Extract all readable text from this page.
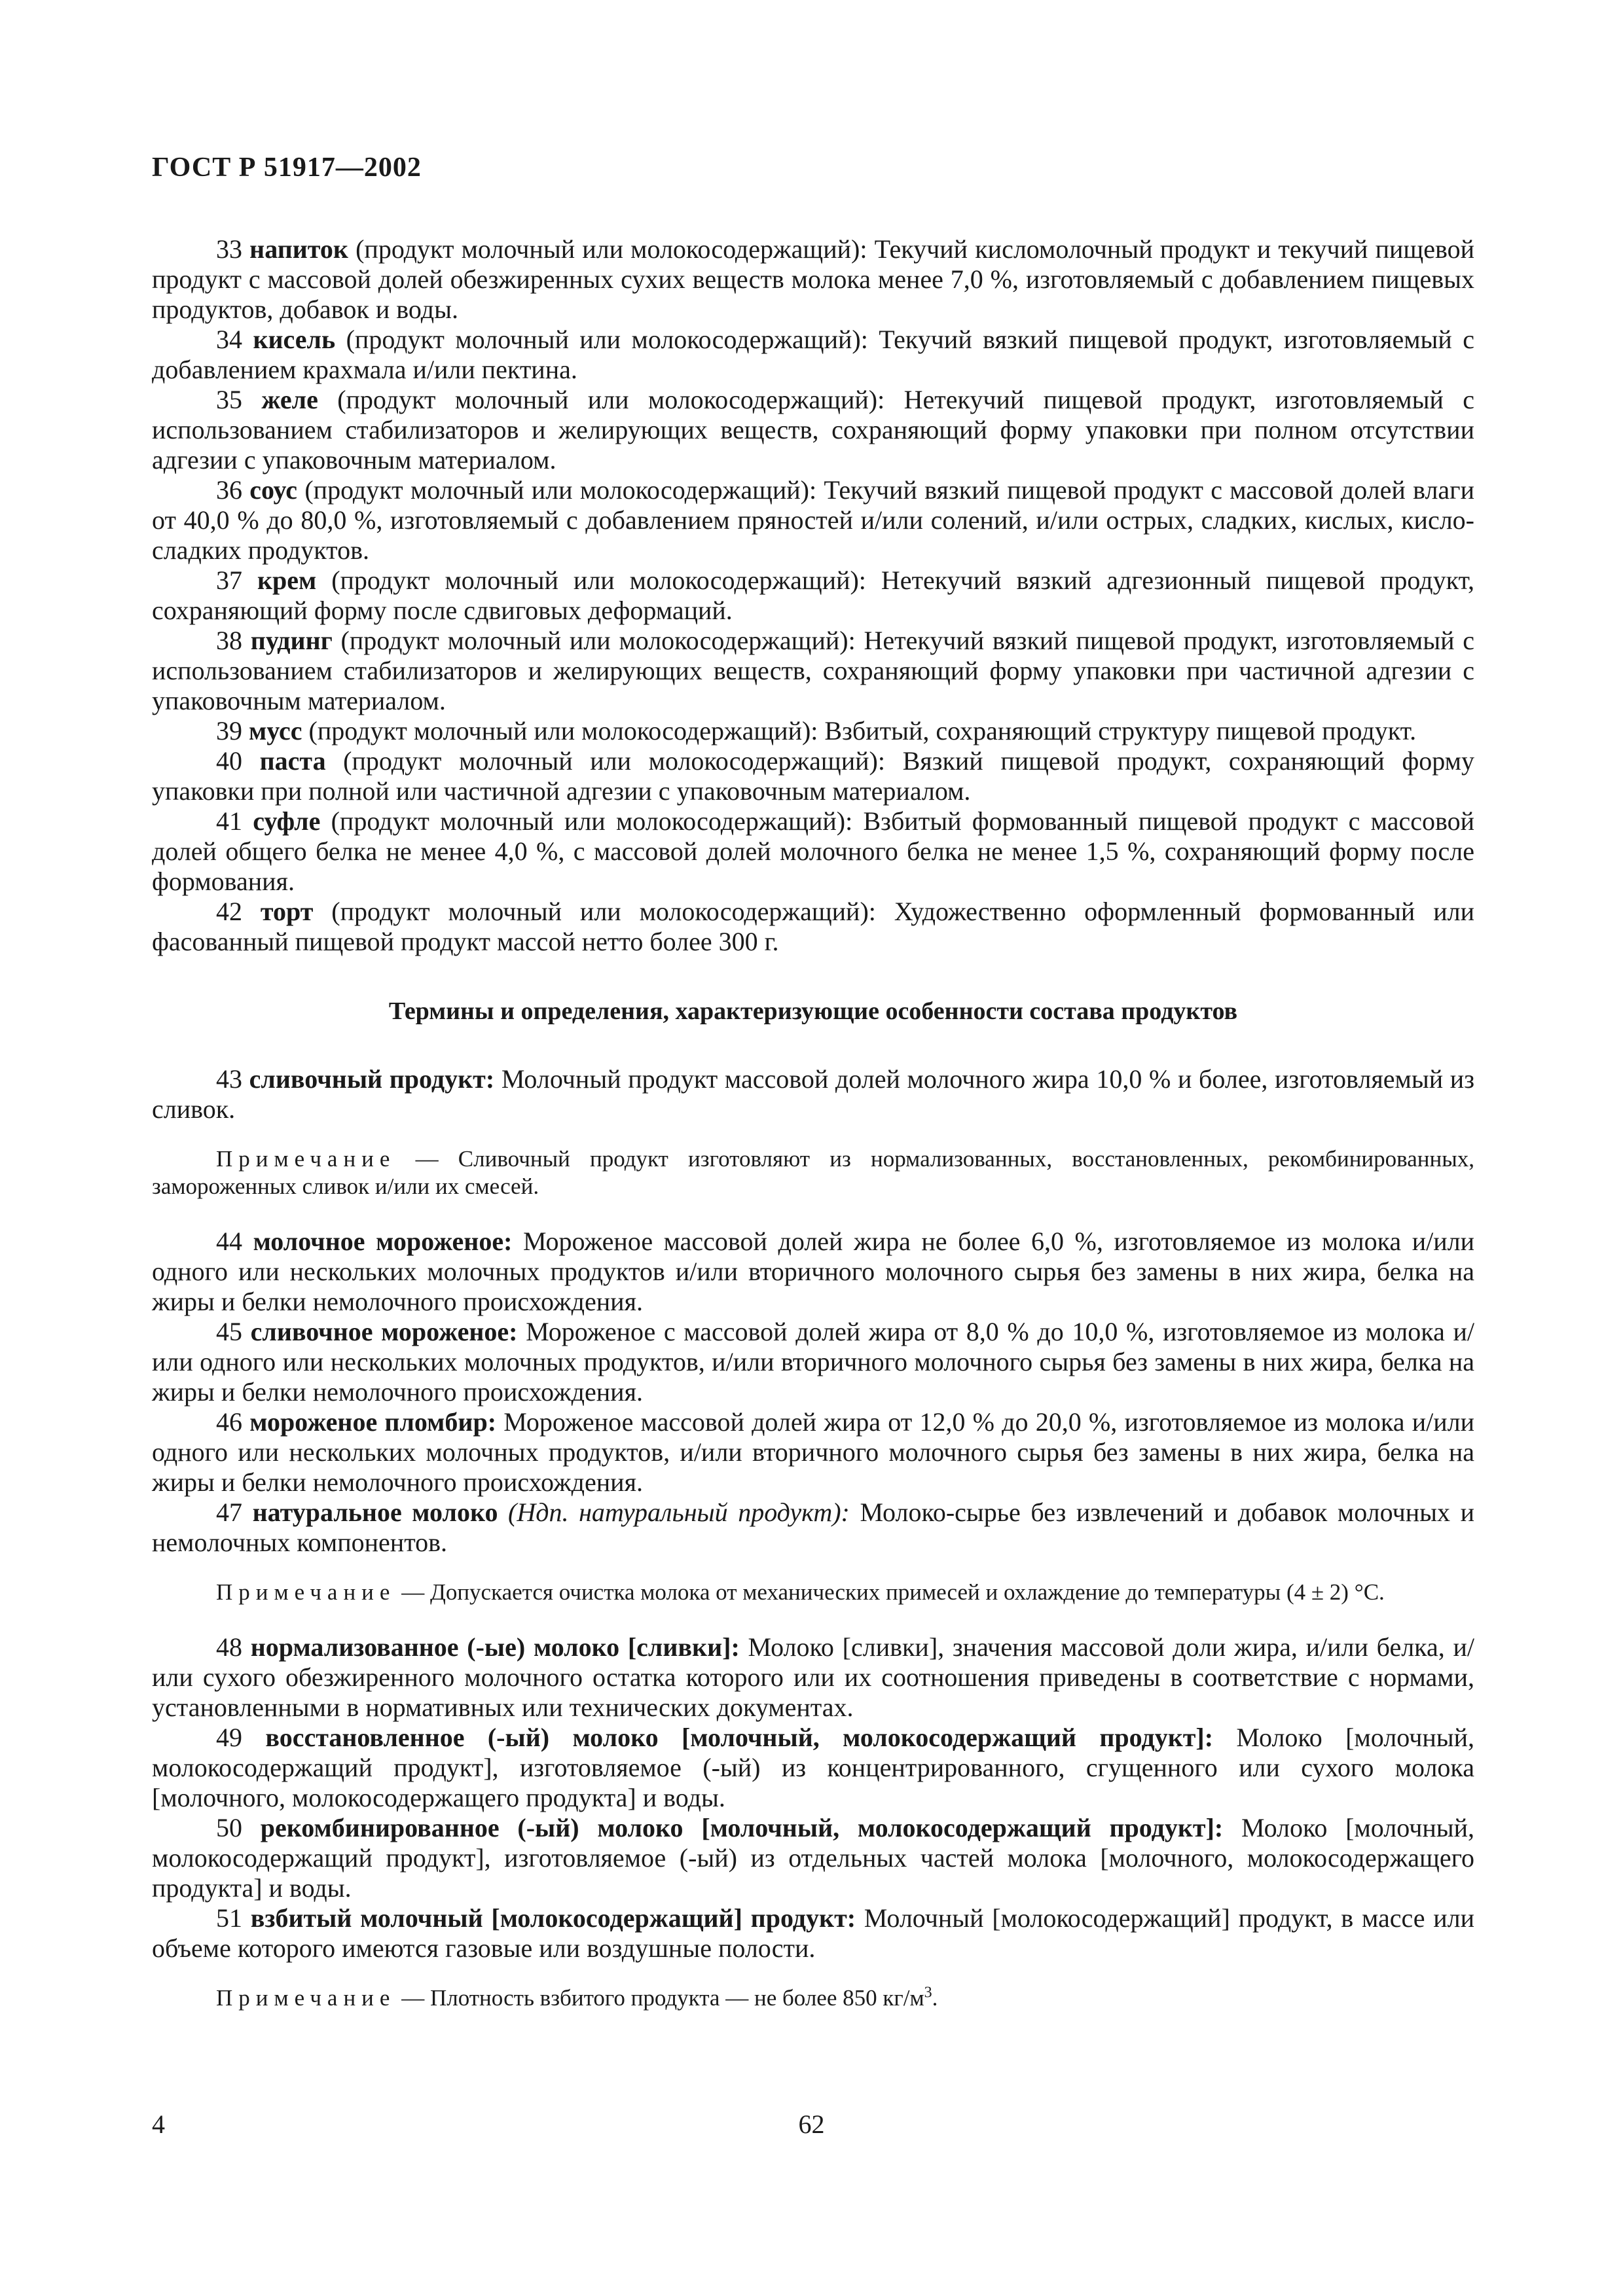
ГОСТ Р 51917—2002

33 напиток (продукт молочный или молокосодержащий): Текучий кисломолочный продукт и текучий пищевой продукт с массовой долей обезжиренных сухих веществ молока менее 7,0 %, изготовляемый с добавлением пищевых продуктов, добавок и воды.

34 кисель (продукт молочный или молокосодержащий): Текучий вязкий пищевой продукт, изготовляемый с добавлением крахмала и/или пектина.

35 желе (продукт молочный или молокосодержащий): Нетекучий пищевой продукт, изготовляемый с использованием стабилизаторов и желирующих веществ, сохраняющий форму упаковки при полном отсутствии адгезии с упаковочным материалом.

36 соус (продукт молочный или молокосодержащий): Текучий вязкий пищевой продукт с массовой долей влаги от 40,0 % до 80,0 %, изготовляемый с добавлением пряностей и/или солений, и/или острых, сладких, кислых, кисло-сладких продуктов.

37 крем (продукт молочный или молокосодержащий): Нетекучий вязкий адгезионный пищевой продукт, сохраняющий форму после сдвиговых деформаций.

38 пудинг (продукт молочный или молокосодержащий): Нетекучий вязкий пищевой продукт, изготовляемый с использованием стабилизаторов и желирующих веществ, сохраняющий форму упаковки при частичной адгезии с упаковочным материалом.

39 мусс (продукт молочный или молокосодержащий): Взбитый, сохраняющий структуру пищевой продукт.

40 паста (продукт молочный или молокосодержащий): Вязкий пищевой продукт, сохраняющий форму упаковки при полной или частичной адгезии с упаковочным материалом.

41 суфле (продукт молочный или молокосодержащий): Взбитый формованный пищевой продукт с массовой долей общего белка не менее 4,0 %, с массовой долей молочного белка не менее 1,5 %, сохраняющий форму после формования.

42 торт (продукт молочный или молокосодержащий): Художественно оформленный формованный или фасованный пищевой продукт массой нетто более 300 г.

Термины и определения, характеризующие особенности состава продуктов

43 сливочный продукт: Молочный продукт массовой долей молочного жира 10,0 % и более, изготовляемый из сливок.

Примечание — Сливочный продукт изготовляют из нормализованных, восстановленных, рекомбинированных, замороженных сливок и/или их смесей.

44 молочное мороженое: Мороженое массовой долей жира не более 6,0 %, изготовляемое из молока и/или одного или нескольких молочных продуктов и/или вторичного молочного сырья без замены в них жира, белка на жиры и белки немолочного происхождения.

45 сливочное мороженое: Мороженое с массовой долей жира от 8,0 % до 10,0 %, изготовляемое из молока и/или одного или нескольких молочных продуктов, и/или вторичного молочного сырья без замены в них жира, белка на жиры и белки немолочного происхождения.

46 мороженое пломбир: Мороженое массовой долей жира от 12,0 % до 20,0 %, изготовляемое из молока и/или одного или нескольких молочных продуктов, и/или вторичного молочного сырья без замены в них жира, белка на жиры и белки немолочного происхождения.

47 натуральное молоко (Ндп. натуральный продукт): Молоко-сырье без извлечений и добавок молочных и немолочных компонентов.

Примечание — Допускается очистка молока от механических примесей и охлаждение до температуры (4 ± 2) °С.

48 нормализованное (-ые) молоко [сливки]: Молоко [сливки], значения массовой доли жира, и/или белка, и/или сухого обезжиренного молочного остатка которого или их соотношения приведены в соответствие с нормами, установленными в нормативных или технических документах.

49 восстановленное (-ый) молоко [молочный, молокосодержащий продукт]: Молоко [молочный, молокосодержащий продукт], изготовляемое (-ый) из концентрированного, сгущенного или сухого молока [молочного, молокосодержащего продукта] и воды.

50 рекомбинированное (-ый) молоко [молочный, молокосодержащий продукт]: Молоко [молочный, молокосодержащий продукт], изготовляемое (-ый) из отдельных частей молока [молочного, молокосодержащего продукта] и воды.

51 взбитый молочный [молокосодержащий] продукт: Молочный [молокосодержащий] продукт, в массе или объеме которого имеются газовые или воздушные полости.

Примечание — Плотность взбитого продукта — не более 850 $кг/м^3$.

4	62
